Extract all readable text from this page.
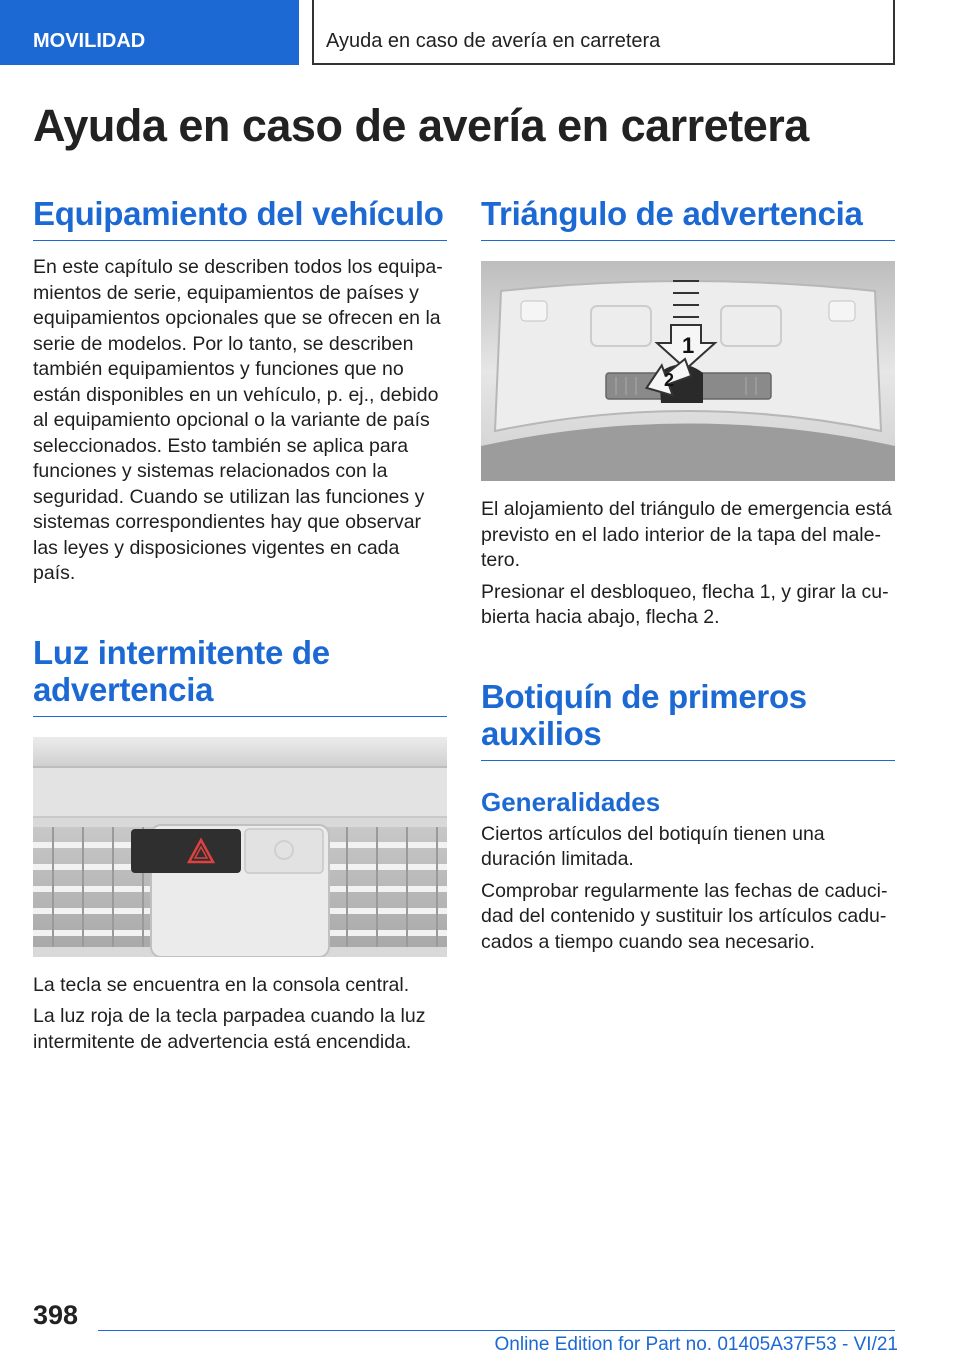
MOVILIDAD	Ayuda en caso de avería en carretera
Ayuda en caso de avería en carretera
Equipamiento del vehículo

En este capítulo se describen todos los equipamientos de serie, equipamientos de países y equipamientos opcionales que se ofrecen en la serie de modelos. Por lo tanto, se describen también equipamientos y funciones que no están disponibles en un vehículo, p. ej., debido al equipamiento opcional o la variante de país seleccionados. Esto también se aplica para funciones y sistemas relacionados con la seguridad. Cuando se utilizan las funciones y sistemas correspondientes hay que observar las leyes y disposiciones vigentes en cada país.

Luz intermitente de advertencia

La tecla se encuentra en la consola central.

La luz roja de la tecla parpadea cuando la luz intermitente de advertencia está encendida.

Triángulo de advertencia
1
2

El alojamiento del triángulo de emergencia está previsto en el lado interior de la tapa del maletero.

Presionar el desbloqueo, flecha 1, y girar la cubierta hacia abajo, flecha 2.

Botiquín de primeros auxilios
Generalidades

Ciertos artículos del botiquín tienen una duración limitada.

Comprobar regularmente las fechas de caducidad del contenido y sustituir los artículos caducados a tiempo cuando sea necesario.

398
Online Edition for Part no. 01405A37F53 - VI/21
